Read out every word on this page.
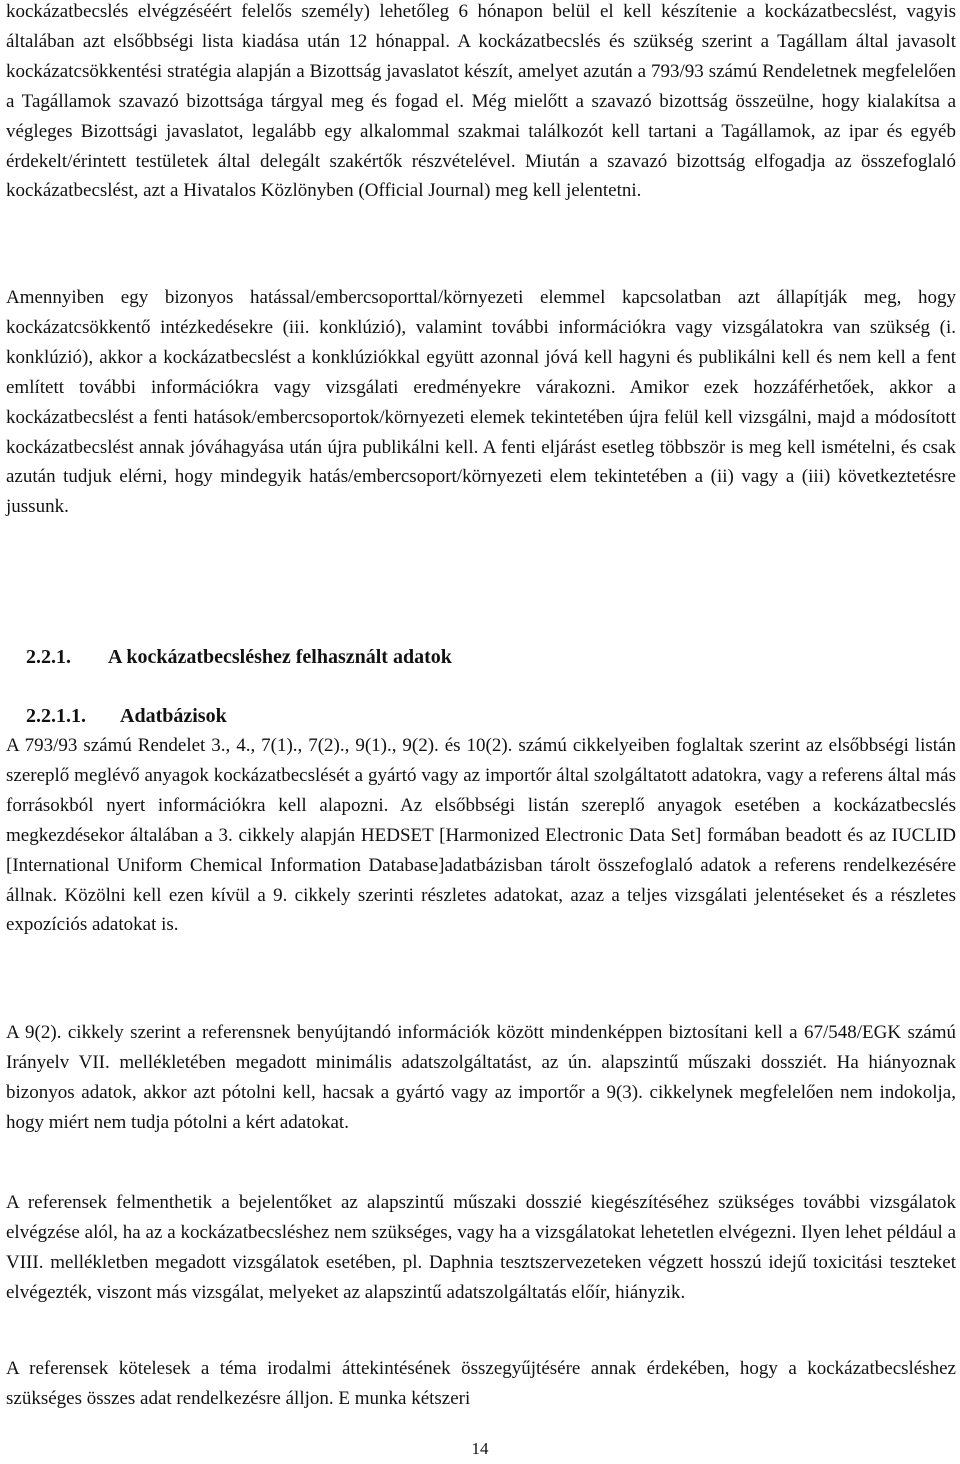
kockázatbecslés elvégzéséért felelős személy) lehetőleg 6 hónapon belül el kell készítenie a kockázatbecslést, vagyis általában azt elsőbbségi lista kiadása után 12 hónappal. A kockázatbecslés és szükség szerint a Tagállam által javasolt kockázatcsökkentési stratégia alapján a Bizottság javaslatot készít, amelyet azután a 793/93 számú Rendeletnek megfelelően a Tagállamok szavazó bizottsága tárgyal meg és fogad el. Még mielőtt a szavazó bizottság összeülne, hogy kialakítsa a végleges Bizottsági javaslatot, legalább egy alkalommal szakmai találkozót kell tartani a Tagállamok, az ipar és egyéb érdekelt/érintett testületek által delegált szakértők részvételével. Miután a szavazó bizottság elfogadja az összefoglaló kockázatbecslést, azt a Hivatalos Közlönyben (Official Journal) meg kell jelentetni.

Amennyiben egy bizonyos hatással/embercsoporttal/környezeti elemmel kapcsolatban azt állapítják meg, hogy kockázatcsökkentő intézkedésekre (iii. konklúzió), valamint további információkra vagy vizsgálatokra van szükség (i. konklúzió), akkor a kockázatbecslést a konklúziókkal együtt azonnal jóvá kell hagyni és publikálni kell és nem kell a fent említett további információkra vagy vizsgálati eredményekre várakozni. Amikor ezek hozzáférhetőek, akkor a kockázatbecslést a fenti hatások/embercsoportok/környezeti elemek tekintetében újra felül kell vizsgálni, majd a módosított kockázatbecslést annak jóváhagyása után újra publikálni kell. A fenti eljárást esetleg többször is meg kell ismételni, és csak azután tudjuk elérni, hogy mindegyik hatás/embercsoport/környezeti elem tekintetében a (ii) vagy a (iii) következtetésre jussunk.

2.2.1. A kockázatbecsléshez felhasznált adatok

2.2.1.1. Adatbázisok

A 793/93 számú Rendelet 3., 4., 7(1)., 7(2)., 9(1)., 9(2). és 10(2). számú cikkelyeiben foglaltak szerint az elsőbbségi listán szereplő meglévő anyagok kockázatbecslését a gyártó vagy az importőr által szolgáltatott adatokra, vagy a referens által más forrásokból nyert információkra kell alapozni. Az elsőbbségi listán szereplő anyagok esetében a kockázatbecslés megkezdésekor általában a 3. cikkely alapján HEDSET [Harmonized Electronic Data Set] formában beadott és az IUCLID [International Uniform Chemical Information Database]adatbázisban tárolt összefoglaló adatok a referens rendelkezésére állnak. Közölni kell ezen kívül a 9. cikkely szerinti részletes adatokat, azaz a teljes vizsgálati jelentéseket és a részletes expozíciós adatokat is.

A 9(2). cikkely szerint a referensnek benyújtandó információk között mindenképpen biztosítani kell a 67/548/EGK számú Irányelv VII. mellékletében megadott minimális adatszolgáltatást, az ún. alapszintű műszaki dossziét. Ha hiányoznak bizonyos adatok, akkor azt pótolni kell, hacsak a gyártó vagy az importőr a 9(3). cikkelynek megfelelően nem indokolja, hogy miért nem tudja pótolni a kért adatokat.

A referensek felmenthetik a bejelentőket az alapszintű műszaki dosszié kiegészítéséhez szükséges további vizsgálatok elvégzése alól, ha az a kockázatbecsléshez nem szükséges, vagy ha a vizsgálatokat lehetetlen elvégezni. Ilyen lehet például a VIII. mellékletben megadott vizsgálatok esetében, pl. Daphnia tesztszervezeteken végzett hosszú idejű toxicitási teszteket elvégezték, viszont más vizsgálat, melyeket az alapszintű adatszolgáltatás előír, hiányzik.

A referensek kötelesek a téma irodalmi áttekintésének összegyűjtésére annak érdekében, hogy a kockázatbecsléshez szükséges összes adat rendelkezésre álljon. E munka kétszeri

14
